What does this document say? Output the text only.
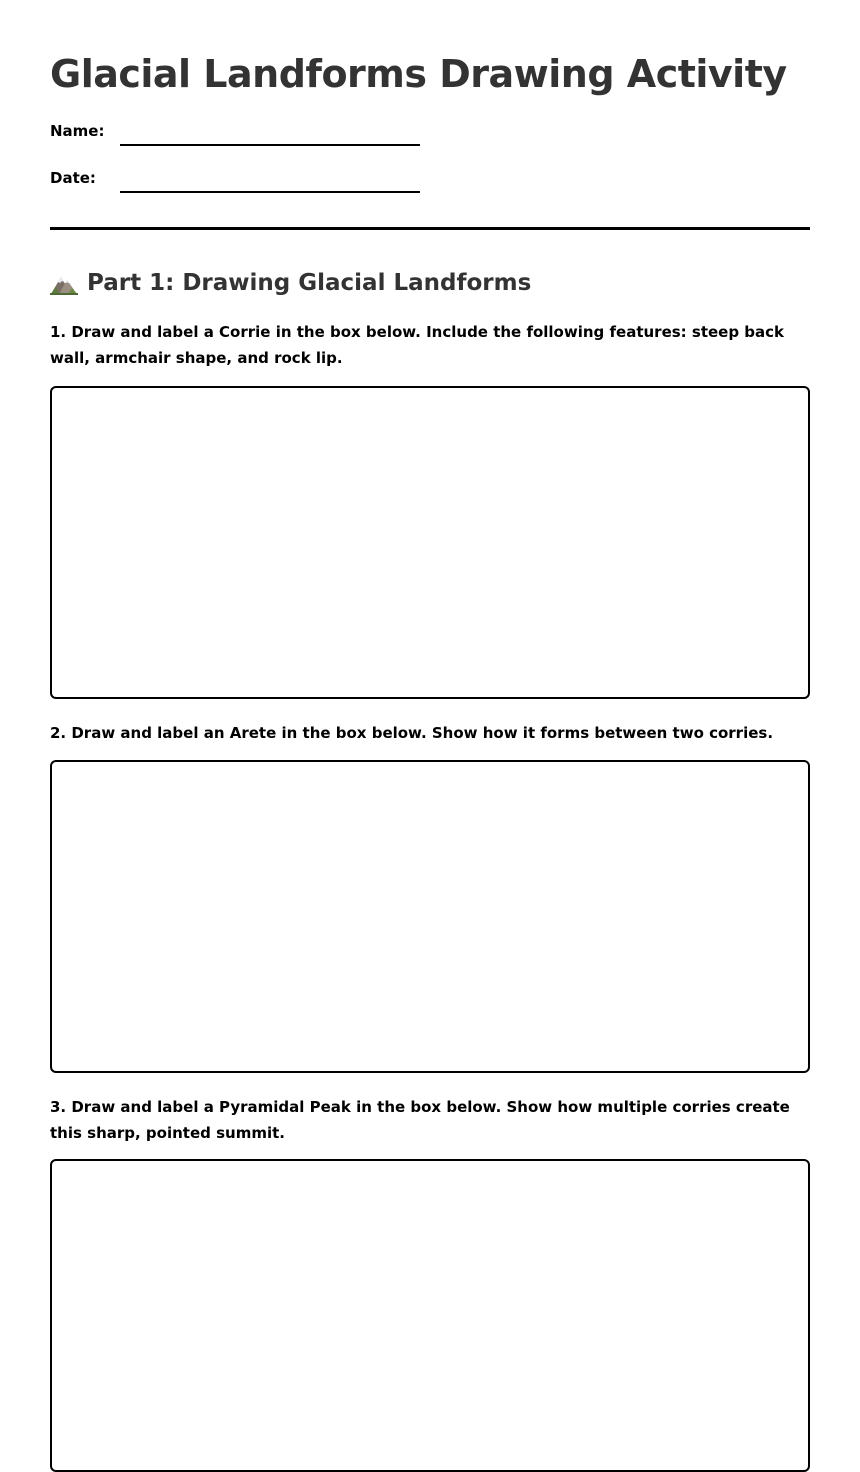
Glacial Landforms Drawing Activity
Name:
Date:
Part 1: Drawing Glacial Landforms

1. Draw and label a Corrie in the box below. Include the following features: steep back wall, armchair shape, and rock lip.

2. Draw and label an Arete in the box below. Show how it forms between two corries.

3. Draw and label a Pyramidal Peak in the box below. Show how multiple corries create this sharp, pointed summit.
